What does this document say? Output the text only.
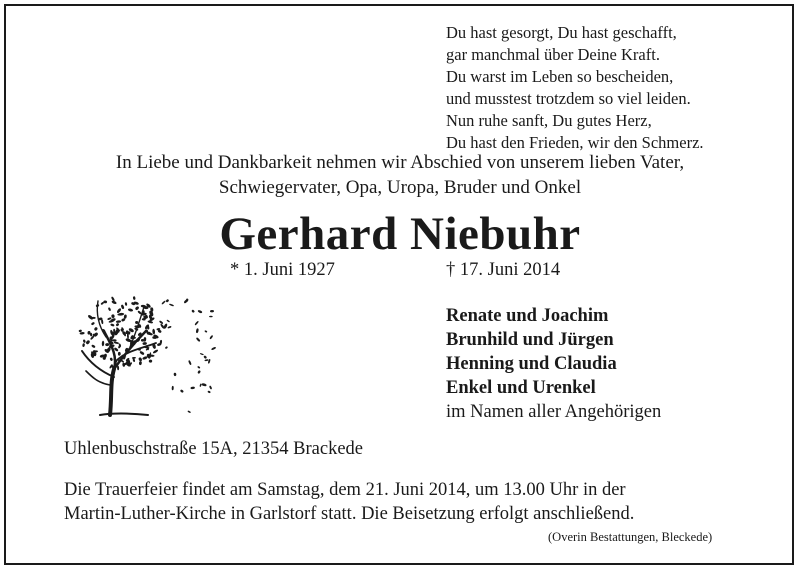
Du hast gesorgt, Du hast geschafft,
gar manchmal über Deine Kraft.
Du warst im Leben so bescheiden,
und musstest trotzdem so viel leiden.
Nun ruhe sanft, Du gutes Herz,
Du hast den Frieden, wir den Schmerz.
In Liebe und Dankbarkeit nehmen wir Abschied von unserem lieben Vater,
Schwiegervater, Opa, Uropa, Bruder und Onkel
Gerhard Niebuhr
* 1. Juni 1927	† 17. Juni 2014
Renate und Joachim
Brunhild und Jürgen
Henning und Claudia
Enkel und Urenkel
im Namen aller Angehörigen
Uhlenbuschstraße 15A, 21354 Brackede
Die Trauerfeier findet am Samstag, dem 21. Juni 2014, um 13.00 Uhr in der
Martin-Luther-Kirche in Garlstorf statt. Die Beisetzung erfolgt anschließend.
(Overin Bestattungen, Bleckede)
